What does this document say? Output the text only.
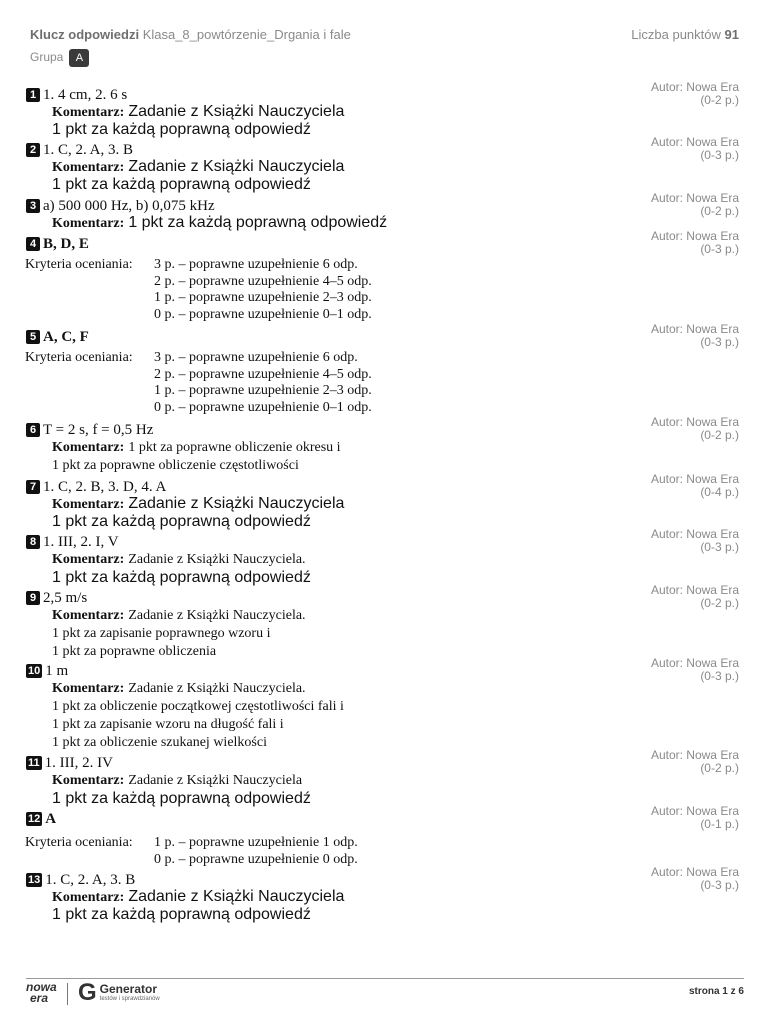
Klucz odpowiedzi Klasa_8_powtórzenie_Drgania i fale	Liczba punktów 91
Grupa A
1 1. 4 cm, 2. 6 s	Autor: Nowa Era
(0-2 p.)
Komentarz: Zadanie z Książki Nauczyciela
1 pkt za każdą poprawną odpowiedź
2 1. C, 2. A, 3. B	Autor: Nowa Era
(0-3 p.)
Komentarz: Zadanie z Książki Nauczyciela
1 pkt za każdą poprawną odpowiedź
3 a) 500 000 Hz, b) 0,075 kHz	Autor: Nowa Era
(0-2 p.)
Komentarz: 1 pkt za każdą poprawną odpowiedź
4 B, D, E	Autor: Nowa Era
(0-3 p.)
Kryteria oceniania: 3 p. – poprawne uzupełnienie 6 odp.
2 p. – poprawne uzupełnienie 4–5 odp.
1 p. – poprawne uzupełnienie 2–3 odp.
0 p. – poprawne uzupełnienie 0–1 odp.
5 A, C, F	Autor: Nowa Era
(0-3 p.)
Kryteria oceniania: 3 p. – poprawne uzupełnienie 6 odp.
2 p. – poprawne uzupełnienie 4–5 odp.
1 p. – poprawne uzupełnienie 2–3 odp.
0 p. – poprawne uzupełnienie 0–1 odp.
6 T = 2 s, f = 0,5 Hz	Autor: Nowa Era
(0-2 p.)
Komentarz: 1 pkt za poprawne obliczenie okresu i
1 pkt za poprawne obliczenie częstotliwości
7 1. C, 2. B, 3. D, 4. A	Autor: Nowa Era
(0-4 p.)
Komentarz: Zadanie z Książki Nauczyciela
1 pkt za każdą poprawną odpowiedź
8 1. III, 2. I, V	Autor: Nowa Era
(0-3 p.)
Komentarz: Zadanie z Książki Nauczyciela.
1 pkt za każdą poprawną odpowiedź
9 2,5 m/s	Autor: Nowa Era
(0-2 p.)
Komentarz: Zadanie z Książki Nauczyciela.
1 pkt za zapisanie poprawnego wzoru i
1 pkt za poprawne obliczenia
10 1 m	Autor: Nowa Era
(0-3 p.)
Komentarz: Zadanie z Książki Nauczyciela.
1 pkt za obliczenie początkowej częstotliwości fali i
1 pkt za zapisanie wzoru na długość fali i
1 pkt za obliczenie szukanej wielkości
11 1. III, 2. IV	Autor: Nowa Era
(0-2 p.)
Komentarz: Zadanie z Książki Nauczyciela
1 pkt za każdą poprawną odpowiedź
12 A	Autor: Nowa Era
(0-1 p.)
Kryteria oceniania: 1 p. – poprawne uzupełnienie 1 odp.
0 p. – poprawne uzupełnienie 0 odp.
13 1. C, 2. A, 3. B	Autor: Nowa Era
(0-3 p.)
Komentarz: Zadanie z Książki Nauczyciela
1 pkt za każdą poprawną odpowiedź
nowa
era	G Generator
testów i sprawdzianów
strona 1 z 6
